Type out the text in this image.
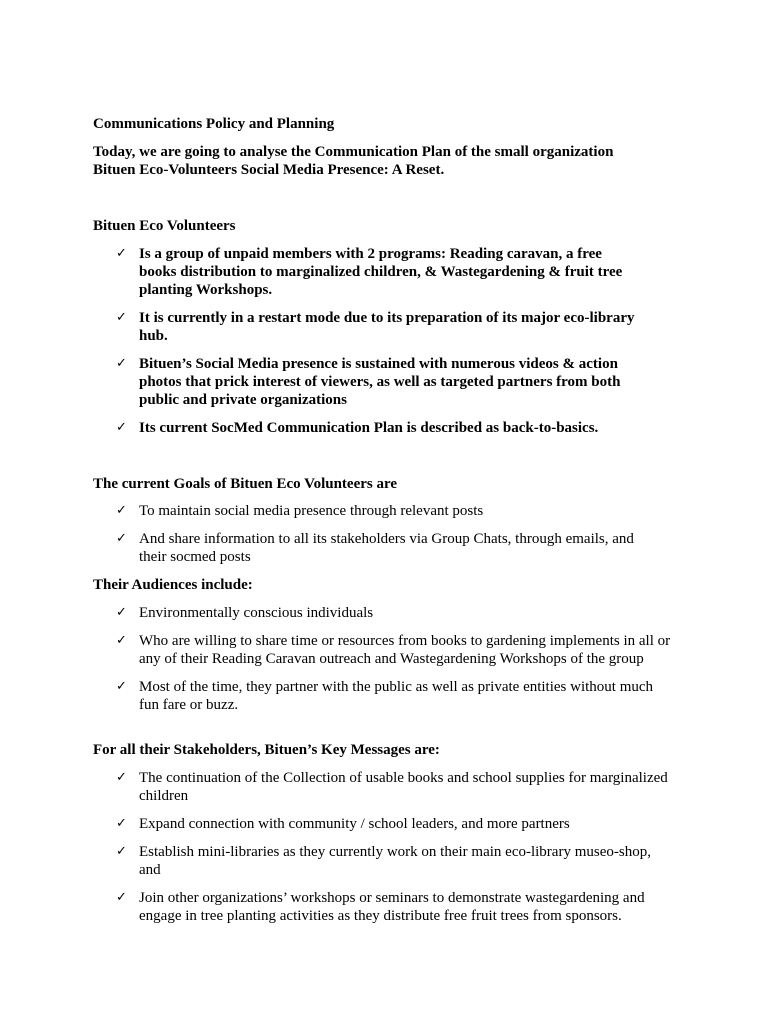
Communications Policy and Planning

Today, we are going to analyse the Communication Plan of the small organization
Bituen Eco-Volunteers Social Media Presence: A Reset.

Bituen Eco Volunteers

✓ Is a group of unpaid members with 2 programs: Reading caravan, a free books distribution to marginalized children, & Wastegardening & fruit tree planting Workshops.
✓ It is currently in a restart mode due to its preparation of its major eco-library hub.
✓ Bituen’s Social Media presence is sustained with numerous videos & action photos that prick interest of viewers, as well as targeted partners from both public and private organizations
✓ Its current SocMed Communication Plan is described as back-to-basics.

The current Goals of Bituen Eco Volunteers are

✓ To maintain social media presence through relevant posts
✓ And share information to all its stakeholders via Group Chats, through emails, and their socmed posts

Their Audiences include:

✓ Environmentally conscious individuals
✓ Who are willing to share time or resources from books to gardening implements in all or any of their Reading Caravan outreach and Wastegardening Workshops of the group
✓ Most of the time, they partner with the public as well as private entities without much fun fare or buzz.

For all their Stakeholders, Bituen’s Key Messages are:

✓ The continuation of the Collection of usable books and school supplies for marginalized children
✓ Expand connection with community / school leaders, and more partners
✓ Establish mini-libraries as they currently work on their main eco-library museo-shop, and
✓ Join other organizations’ workshops or seminars to demonstrate wastegardening and engage in tree planting activities as they distribute free fruit trees from sponsors.
